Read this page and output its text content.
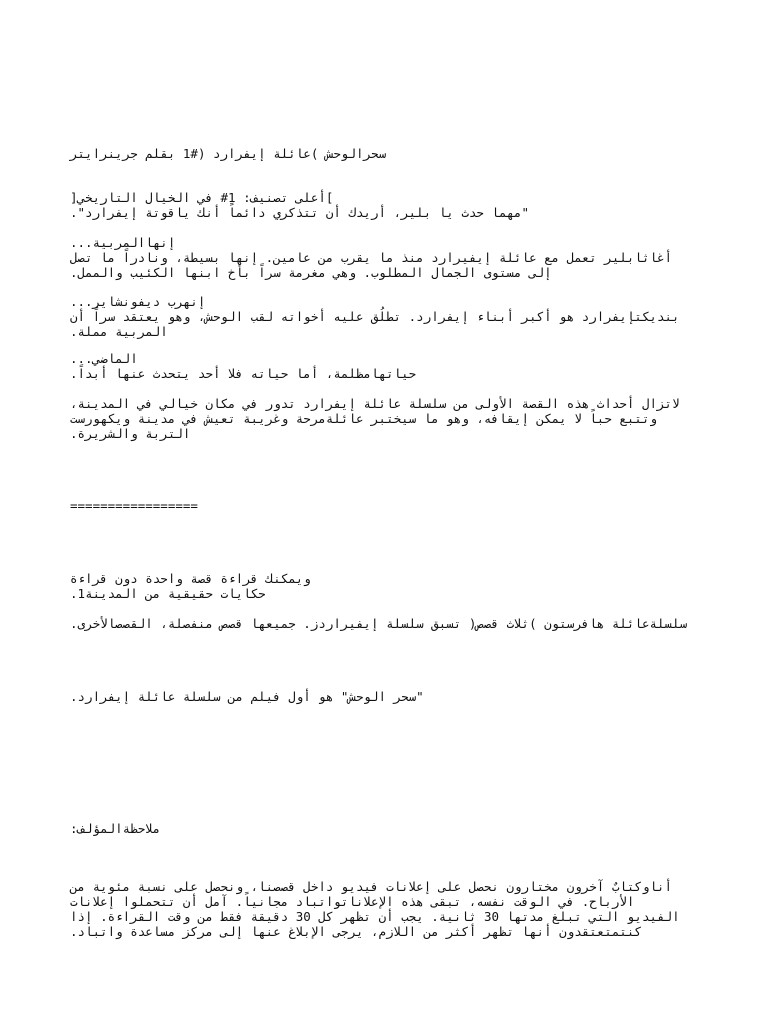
سحرالوحش )عائلة إيفرارد (#1 بقلم جرينرايتر
]أعلى تصنيف: 1# في الخيال التاريخي[
"مهما حدث يا بلير، أريدك أن تتذكري دائماً أنك ياقوتة إيفرارد".
إنهاالمربية...
أغاثابلير تعمل مع عائلة إيفيرارد منذ ما يقرب من عامين. إنها بسيطة، ونادراً ما تصل
إلى مستوى الجمال المطلوب. وهي مغرمة سراً بأخ ابنها الكئيب والممل.
إنهرب ديفونشاير...
بنديكتإيفرارد هو أكبر أبناء إيفرارد. تطلُق عليه أخواته لقب الوحش، وهو يعتقد سراً أن
المربية مملة.
الماضي...
حياتهامظلمة، أما حياته فلا أحد يتحدث عنها أبداً.
لاتزال أحداث هذه القصة الأولى من سلسلة عائلة إيفرارد تدور في مكان خيالي في المدينة،
وتتبع حباً لا يمكن إيقافه، وهو ما سيختبر عائلةمرحة وغريبة تعيش في مدينة ويكهورست
التربة والشريرة.
=================
ويمكنك قراءة قصة واحدة دون قراءة
حكايات حقيقية من المدينة1.
سلسلةعائلة هافرستون )ثلاث قصص( تسبق سلسلة إيفيراردز. جميعها قصص منفصلة، القصصالأخرى.
"سحر الوحش" هو أول فيلم من سلسلة عائلة إيفرارد.
ملاحظةالمؤلف:
أناوكتابٌ آخرون مختارون نحصل على إعلانات فيديو داخل قصصنا، ونحصل على نسبة مئوية من
الأرباح. في الوقت نفسه، تبقى هذه الإعلاناتواتباد مجانياً. آمل أن تتحملوا إعلانات
الفيديو التي تبلغ مدتها 30 ثانية. يجب أن تظهر كل 30 دقيقة فقط من وقت القراءة. إذا
كنتمتعتقدون أنها تظهر أكثر من اللازم، يرجى الإبلاغ عنها إلى مركز مساعدة واتباد.
